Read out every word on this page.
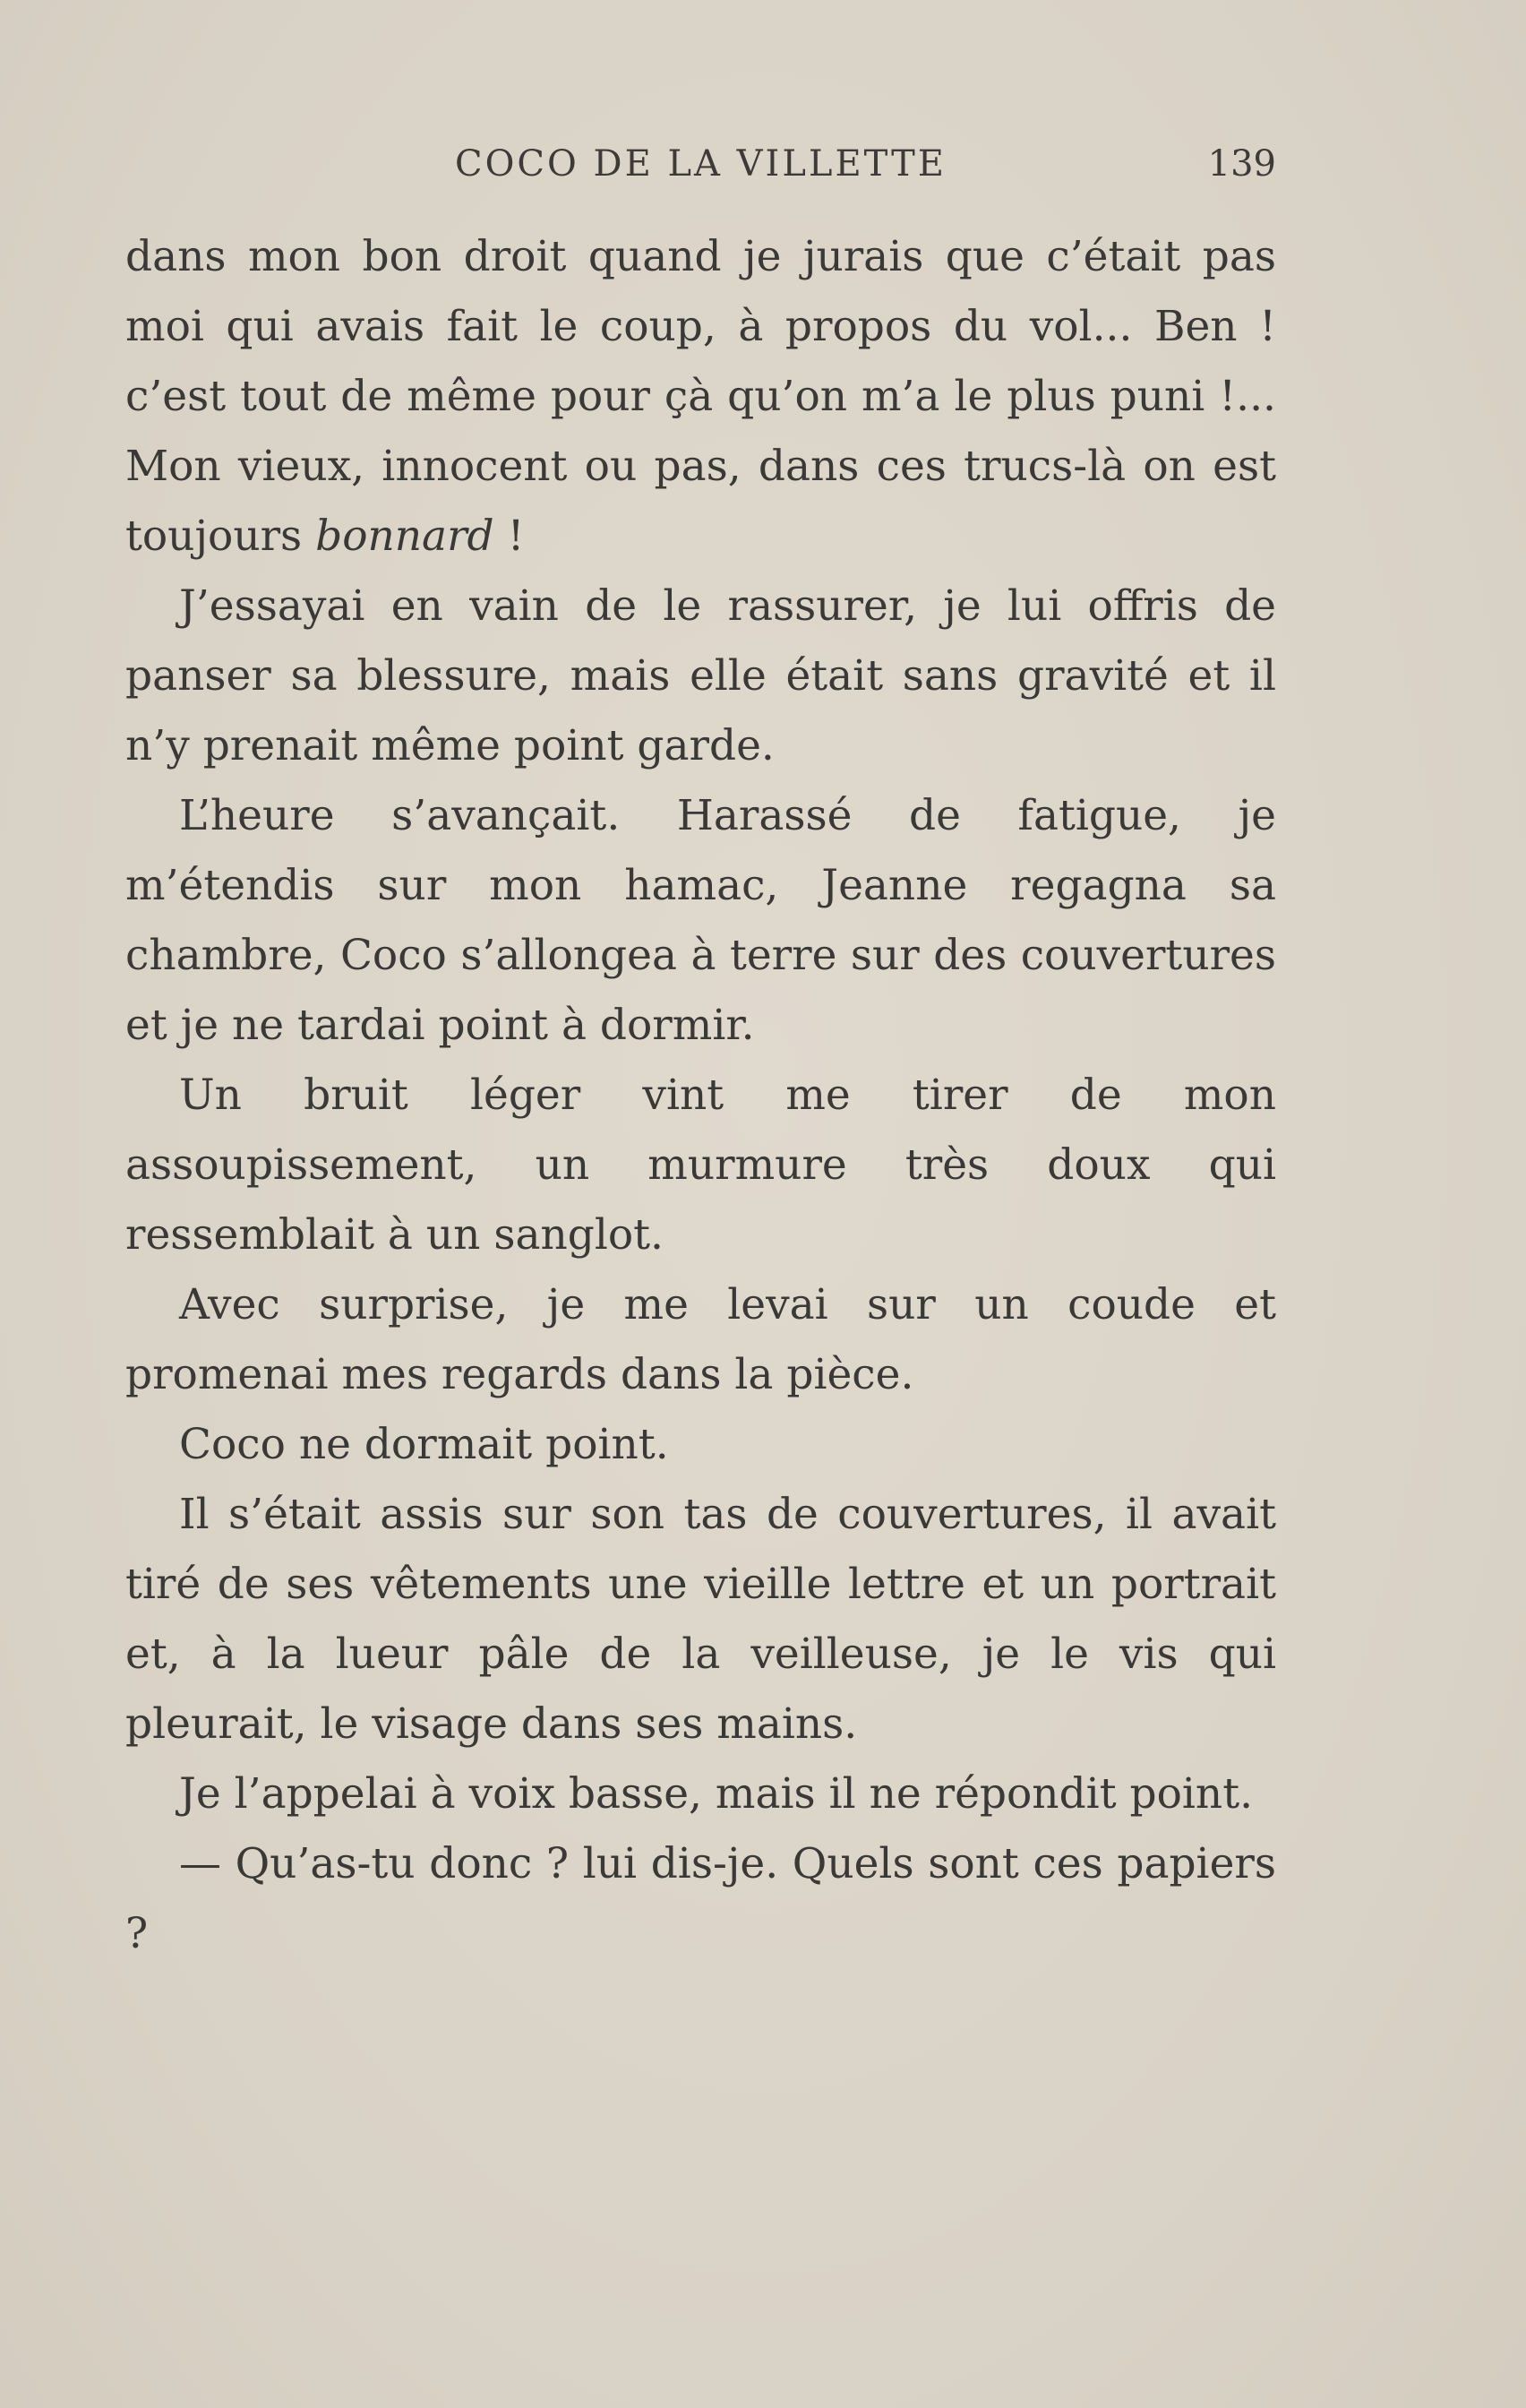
COCO DE LA VILLETTE	139

dans mon bon droit quand je jurais que c’était pas moi qui avais fait le coup, à propos du vol... Ben ! c’est tout de même pour çà qu’on m’a le plus puni !... Mon vieux, innocent ou pas, dans ces trucs-là on est toujours bonnard !

J’essayai en vain de le rassurer, je lui offris de panser sa blessure, mais elle était sans gravité et il n’y prenait même point garde.

L’heure s’avançait. Harassé de fatigue, je m’étendis sur mon hamac, Jeanne regagna sa chambre, Coco s’allongea à terre sur des couvertures et je ne tardai point à dormir.

Un bruit léger vint me tirer de mon assoupissement, un murmure très doux qui ressemblait à un sanglot.

Avec surprise, je me levai sur un coude et promenai mes regards dans la pièce.

Coco ne dormait point.

Il s’était assis sur son tas de couvertures, il avait tiré de ses vêtements une vieille lettre et un portrait et, à la lueur pâle de la veilleuse, je le vis qui pleurait, le visage dans ses mains.

Je l’appelai à voix basse, mais il ne répondit point.

— Qu’as-tu donc ? lui dis-je. Quels sont ces papiers ?
